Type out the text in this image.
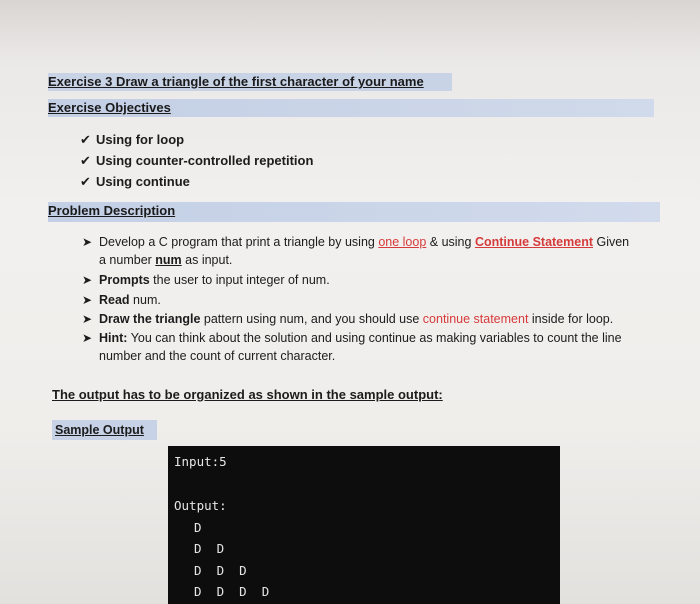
Exercise 3 Draw a triangle of the first character of your name
Exercise Objectives
✔ Using for loop
✔ Using counter-controlled repetition
✔ Using continue
Problem Description
➤ Develop a C program that print a triangle by using one loop & using Continue Statement Given
a number num as input.
➤ Prompts the user to input integer of num.
➤ Read num.
➤ Draw the triangle pattern using num, and you should use continue statement inside for loop.
➤ Hint: You can think about the solution and using continue as making variables to count the line
number and the count of current character.
The output has to be organized as shown in the sample output:
Sample Output
Input:5
Output:
D
D  D
D  D  D
D  D  D  D
